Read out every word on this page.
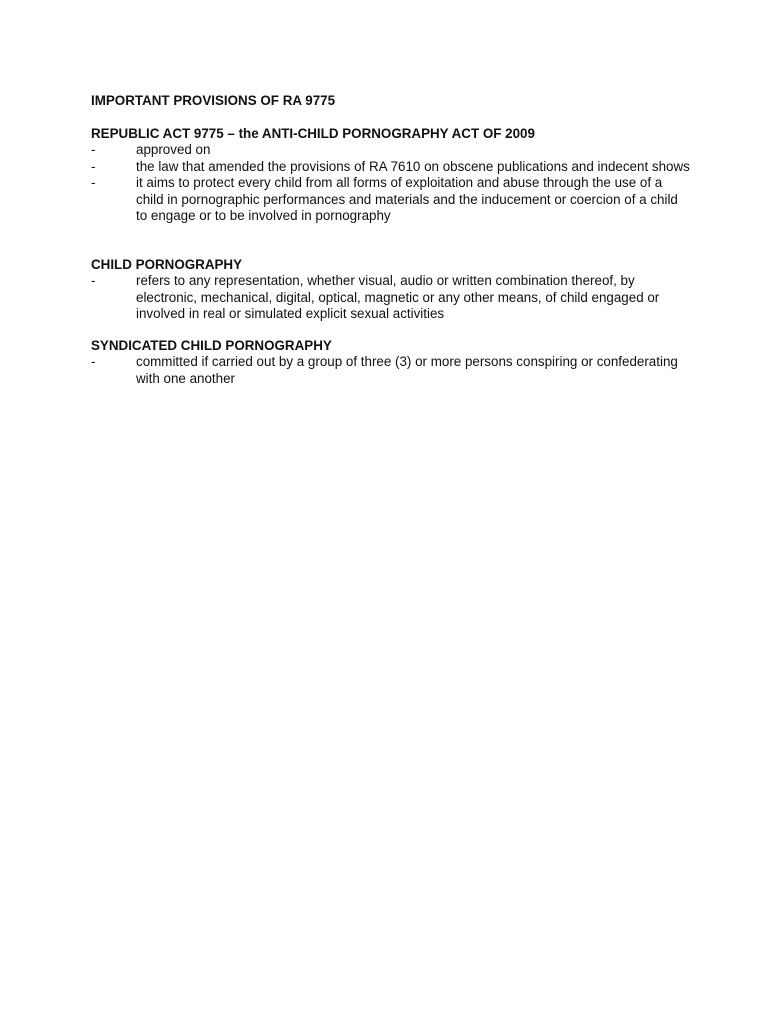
IMPORTANT PROVISIONS OF RA 9775

REPUBLIC ACT 9775 – the ANTI-CHILD PORNOGRAPHY ACT OF 2009

-	approved on
-	the law that amended the provisions of RA 7610 on obscene publications and indecent shows
-	it aims to protect every child from all forms of exploitation and abuse through the use of a child in pornographic performances and materials and the inducement or coercion of a child to engage or to be involved in pornography

CHILD PORNOGRAPHY

-	refers to any representation, whether visual, audio or written combination thereof, by electronic, mechanical, digital, optical, magnetic or any other means, of child engaged or involved in real or simulated explicit sexual activities

SYNDICATED CHILD PORNOGRAPHY

-	committed if carried out by a group of three (3) or more persons conspiring or confederating with one another
